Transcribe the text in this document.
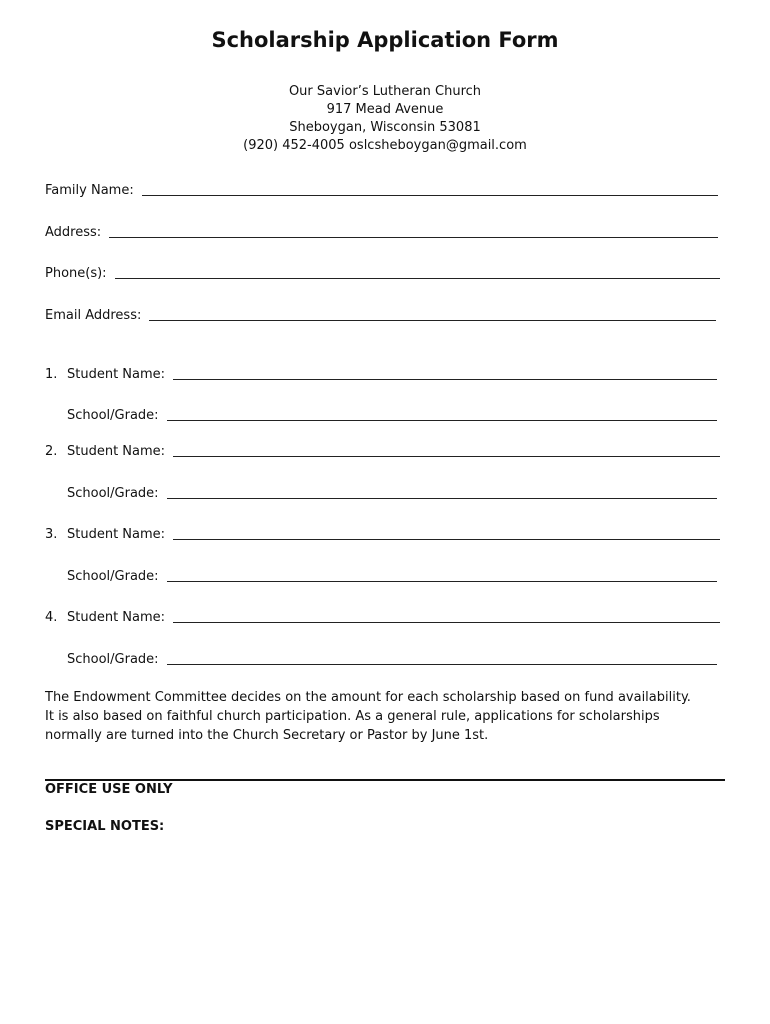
Scholarship Application Form
Our Savior’s Lutheran Church
917 Mead Avenue
Sheboygan, Wisconsin 53081
(920) 452-4005 oslcsheboygan@gmail.com
Family Name:
Address:
Phone(s):
Email Address:
1. Student Name:
School/Grade:
2. Student Name:
School/Grade:
3. Student Name:
School/Grade:
4. Student Name:
School/Grade:
The Endowment Committee decides on the amount for each scholarship based on fund availability.
It is also based on faithful church participation. As a general rule, applications for scholarships
normally are turned into the Church Secretary or Pastor by June 1st.
OFFICE USE ONLY
SPECIAL NOTES:
